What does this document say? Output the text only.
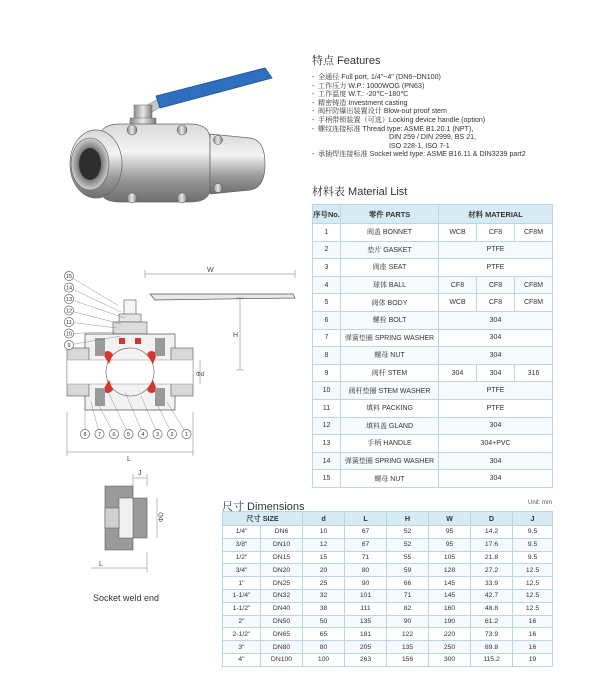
特点 Features
- 全通径 Full port, 1/4"~4" (DN6~DN100)
- 工作压力 W.P.: 1000WOG (PN63)
- 工作温度 W.T.: -20℃~180℃
- 精密铸造 Investment casting
- 阀杆防爆出装置设计 Blow-out proof stem
- 手柄带锁装置（可选）Locking device handle (option)
- 螺纹连接标准 Thread type: ASME B1.20.1 (NPT),
DIN 259 / DIN 2999, BS 21,
ISO 228-1, ISO 7-1
- 承插焊连接标准 Socket weld type: ASME B16.11 & DIN3239 part2
W
H
Φd
L
15
14
13
12
11
10
9
8 7 6 5 4 3 2 1
J
ΦD
L
Socket weld end
材料表 Material List
序号No.	零件 PARTS	材料 MATERIAL		
1	阀盖 BONNET	WCB	CF8	CF8M
2	垫片 GASKET	PTFE		
3	阀座 SEAT	PTFE		
4	球体 BALL	CF8	CF8	CF8M
5	阀体 BODY	WCB	CF8	CF8M
6	螺栓 BOLT	304		
7	弹簧垫圈 SPRING WASHER	304		
8	螺母 NUT	304		
9	阀杆 STEM	304	304	316
10	阀杆垫圈 STEM WASHER	PTFE		
11	填料 PACKING	PTFE		
12	填料盖 GLAND	304		
13	手柄 HANDLE	304+PVC		
14	弹簧垫圈 SPRING WASHER	304		
15	螺母 NUT	304		
尺寸 Dimensions	Unit: mm
尺寸 SIZE		d	L	H	W	D	J
1/4"	DN6	10	67	52	95	14.2	9.5
3/8"	DN10	12	67	52	95	17.6	9.5
1/2"	DN15	15	71	55	105	21.8	9.5
3/4"	DN20	20	80	59	128	27.2	12.5
1"	DN25	25	90	66	145	33.9	12.5
1-1/4"	DN32	32	101	71	145	42.7	12.5
1-1/2"	DN40	38	111	82	160	48.8	12.5
2"	DN50	50	135	90	190	61.2	16
2-1/2"	DN65	65	181	122	220	73.9	16
3"	DN80	80	205	135	250	89.8	16
4"	DN100	100	263	156	300	115.2	19
